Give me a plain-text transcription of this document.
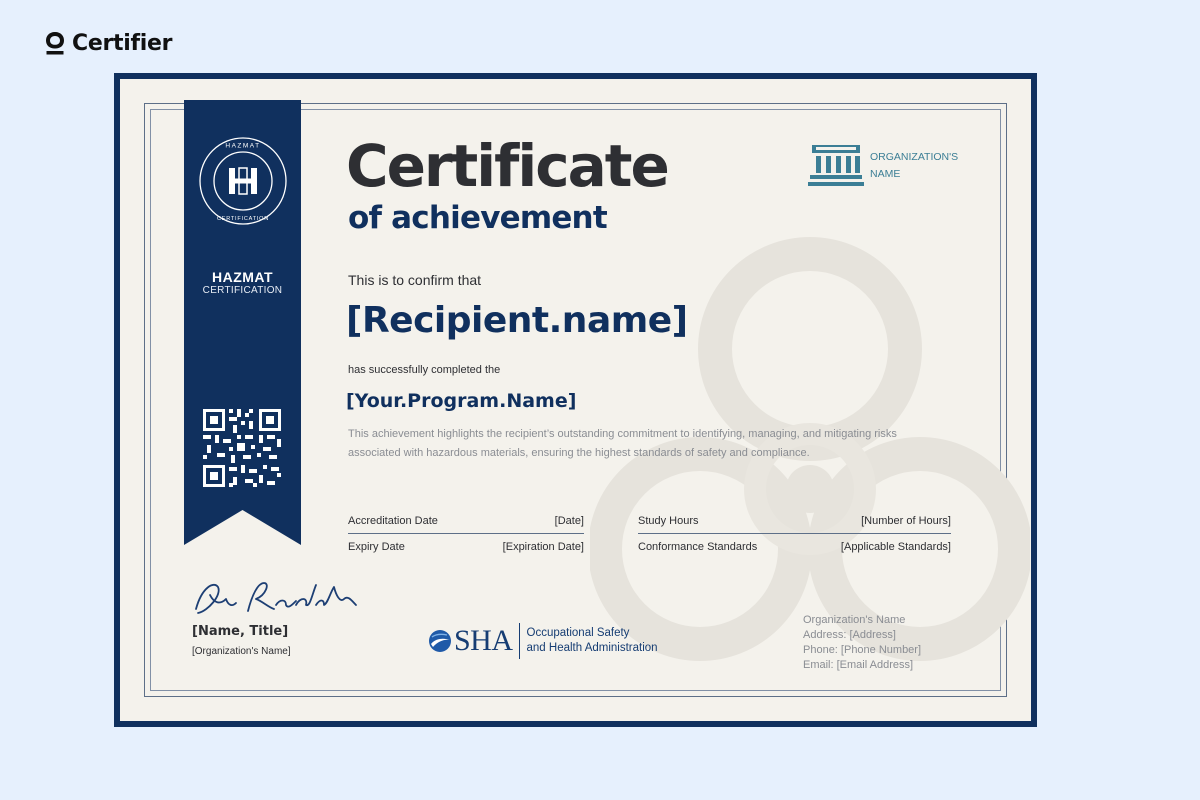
Certifier
HAZMAT
CERTIFICATION
HAZMAT
CERTIFICATION
Certificate
of achievement
This is to confirm that
[Recipient.name]
has successfully completed the
[Your.Program.Name]
This achievement highlights the recipient’s outstanding commitment to identifying, managing, and mitigating risks associated with hazardous materials, ensuring the highest standards of safety and compliance.
ORGANIZATION'S NAME
Accreditation Date	[Date]	Study Hours	[Number of Hours]
Expiry Date	[Expiration Date]	Conformance Standards	[Applicable Standards]
[Name, Title]
[Organization's Name]	SHA Occupational Safety
and Health Administration
Organization's Name
Address: [Address]
Phone: [Phone Number]
Email: [Email Address]
